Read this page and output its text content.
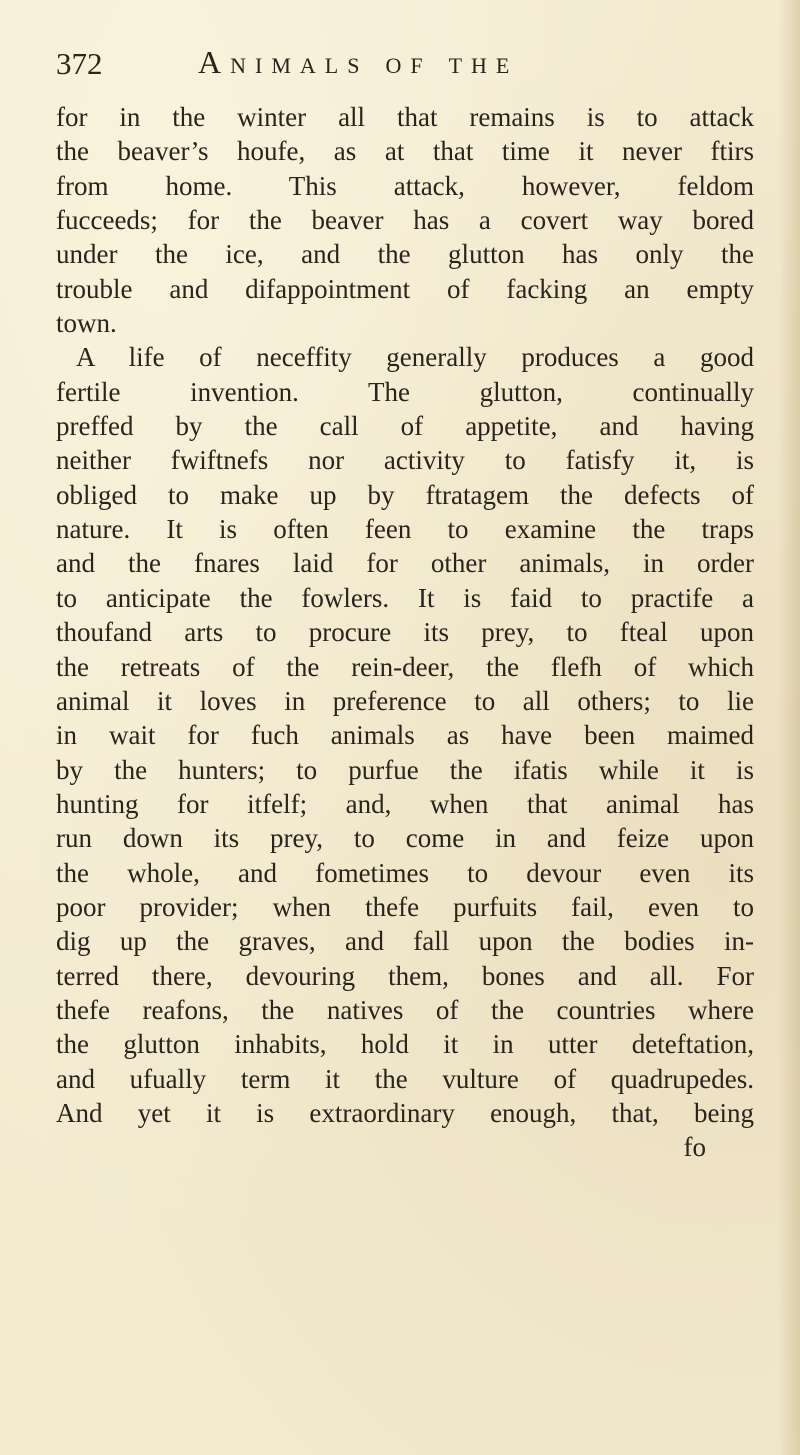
372	Animals of the
for in the winter all that remains is to attack
the beaver’s houfe, as at that time it never ftirs
from home. This attack, however, feldom
fucceeds; for the beaver has a covert way bored
under the ice, and the glutton has only the
trouble and difappointment of facking an empty
town.
A life of neceffity generally produces a good
fertile invention. The glutton, continually
preffed by the call of appetite, and having
neither fwiftnefs nor activity to fatisfy it, is
obliged to make up by ftratagem the defects of
nature. It is often feen to examine the traps
and the fnares laid for other animals, in order
to anticipate the fowlers. It is faid to practife a
thoufand arts to procure its prey, to fteal upon
the retreats of the rein-deer, the flefh of which
animal it loves in preference to all others; to lie
in wait for fuch animals as have been maimed
by the hunters; to purfue the ifatis while it is
hunting for itfelf; and, when that animal has
run down its prey, to come in and feize upon
the whole, and fometimes to devour even its
poor provider; when thefe purfuits fail, even to
dig up the graves, and fall upon the bodies in-
terred there, devouring them, bones and all. For
thefe reafons, the natives of the countries where
the glutton inhabits, hold it in utter deteftation,
and ufually term it the vulture of quadrupedes.
And yet it is extraordinary enough, that, being
fo
